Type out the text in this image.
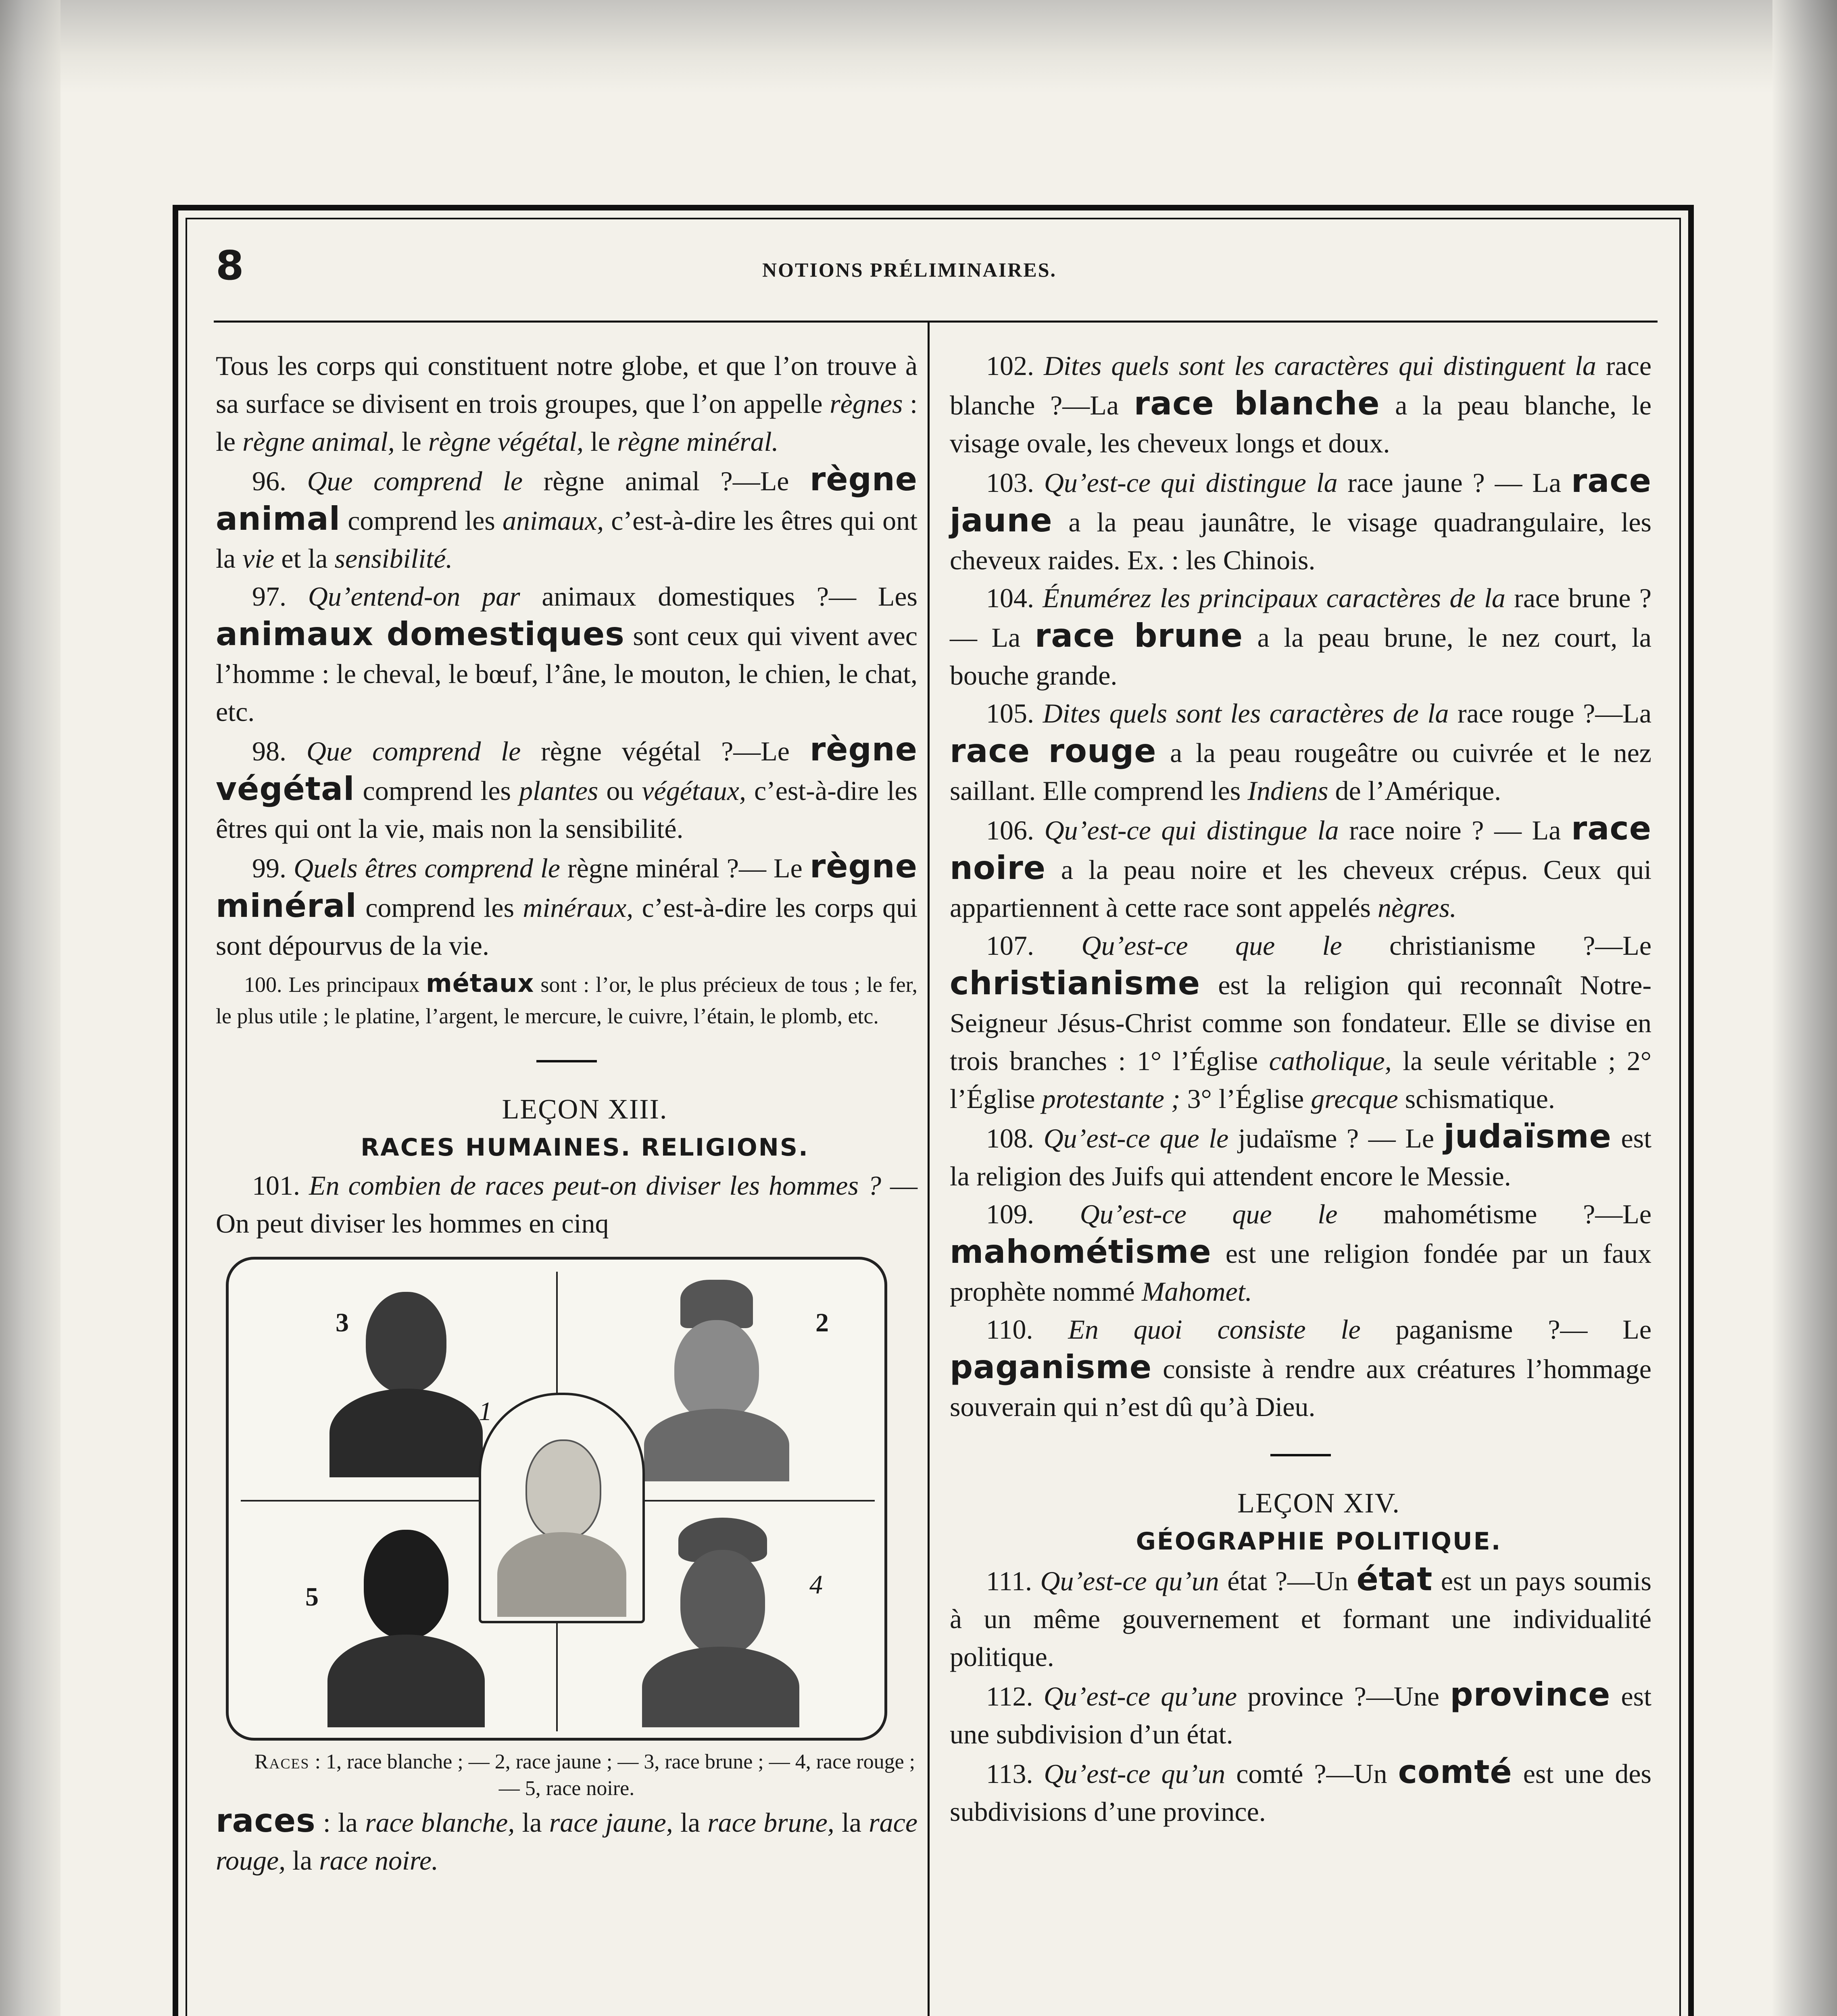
8	NOTIONS PRÉLIMINAIRES.

Tous les corps qui constituent notre globe, et que l’on trouve à sa surface se divisent en trois groupes, que l’on appelle règnes : le règne animal, le règne végétal, le règne minéral.

96. Que comprend le règne animal ?—Le règne animal comprend les animaux, c’est-à-dire les êtres qui ont la vie et la sensibilité.

97. Qu’entend-on par animaux domestiques ?— Les animaux domestiques sont ceux qui vivent avec l’homme : le cheval, le bœuf, l’âne, le mouton, le chien, le chat, etc.

98. Que comprend le règne végétal ?—Le règne végétal comprend les plantes ou végétaux, c’est-à-dire les êtres qui ont la vie, mais non la sensibilité.

99. Quels êtres comprend le règne minéral ?— Le règne minéral comprend les minéraux, c’est-à-dire les corps qui sont dépourvus de la vie.

100. Les principaux métaux sont : l’or, le plus précieux de tous ; le fer, le plus utile ; le platine, l’argent, le mercure, le cuivre, l’étain, le plomb, etc.

LEÇON XIII.

RACES HUMAINES. RELIGIONS.

101. En combien de races peut-on diviser les hommes ? — On peut diviser les hommes en cinq

1
2
3
4
5

Races : 1, race blanche ; — 2, race jaune ; — 3, race brune ; — 4, race rouge ; — 5, race noire.

races : la race blanche, la race jaune, la race brune, la race rouge, la race noire.

102. Dites quels sont les caractères qui distinguent la race blanche ?—La race blanche a la peau blanche, le visage ovale, les cheveux longs et doux.

103. Qu’est-ce qui distingue la race jaune ? — La race jaune a la peau jaunâtre, le visage quadrangulaire, les cheveux raides. Ex. : les Chinois.

104. Énumérez les principaux caractères de la race brune ? — La race brune a la peau brune, le nez court, la bouche grande.

105. Dites quels sont les caractères de la race rouge ?—La race rouge a la peau rougeâtre ou cuivrée et le nez saillant. Elle comprend les Indiens de l’Amérique.

106. Qu’est-ce qui distingue la race noire ? — La race noire a la peau noire et les cheveux crépus. Ceux qui appartiennent à cette race sont appelés nègres.

107. Qu’est-ce que le christianisme ?—Le christianisme est la religion qui reconnaît Notre-Seigneur Jésus-Christ comme son fondateur. Elle se divise en trois branches : 1° l’Église catholique, la seule véritable ; 2° l’Église protestante ; 3° l’Église grecque schismatique.

108. Qu’est-ce que le judaïsme ? — Le judaïsme est la religion des Juifs qui attendent encore le Messie.

109. Qu’est-ce que le mahométisme ?—Le mahométisme est une religion fondée par un faux prophète nommé Mahomet.

110. En quoi consiste le paganisme ?— Le paganisme consiste à rendre aux créatures l’hommage souverain qui n’est dû qu’à Dieu.

LEÇON XIV.

GÉOGRAPHIE POLITIQUE.

111. Qu’est-ce qu’un état ?—Un état est un pays soumis à un même gouvernement et formant une individualité politique.

112. Qu’est-ce qu’une province ?—Une province est une subdivision d’un état.

113. Qu’est-ce qu’un comté ?—Un comté est une des subdivisions d’une province.
